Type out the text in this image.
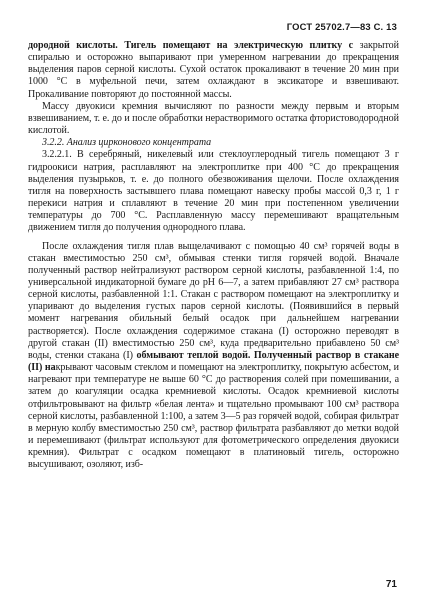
ГОСТ 25702.7—83 С. 13

дородной кислоты. Тигель помещают на электрическую плитку с закрытой спиралью и осторожно выпаривают при умеренном нагревании до прекращения выделения паров серной кислоты. Сухой остаток прокаливают в течение 20 мин при 1000 °С в муфельной печи, затем охлаждают в эксикаторе и взвешивают. Прокаливание повторяют до постоянной массы.

Массу двуокиси кремния вычисляют по разности между первым и вторым взвешиванием, т. е. до и после обработки нерастворимого остатка фтористоводородной кислотой.

3.2.2. Анализ цирконового концентрата

3.2.2.1. В серебряный, никелевый или стеклоуглеродный тигель помещают 3 г гидроокиси натрия, расплавляют на электроплитке при 400 °С до прекращения выделения пузырьков, т. е. до полного обезвоживания щелочи. После охлаждения тигля на поверхность застывшего плава помещают навеску пробы массой 0,3 г, 1 г перекиси натрия и сплавляют в течение 20 мин при постепенном увеличении температуры до 700 °С. Расплавленную массу перемешивают вращательным движением тигля до получения однородного плава.

После охлаждения тигля плав выщелачивают с помощью 40 см³ горячей воды в стакан вместимостью 250 см³, обмывая стенки тигля горячей водой. Вначале полученный раствор нейтрализуют раствором серной кислоты, разбавленной 1:4, по универсальной индикаторной бумаге до рН 6—7, а затем прибавляют 27 см³ раствора серной кислоты, разбавленной 1:1. Стакан с раствором помещают на электроплитку и упаривают до выделения густых паров серной кислоты. (Появившийся в первый момент нагревания обильный белый осадок при дальнейшем нагревании растворяется). После охлаждения содержимое стакана (I) осторожно переводят в другой стакан (II) вместимостью 250 см³, куда предварительно прибавлено 50 см³ воды, стенки стакана (I) обмывают теплой водой. Полученный раствор в стакане (II) накрывают часовым стеклом и помещают на электроплитку, покрытую асбестом, и нагревают при температуре не выше 60 °С до растворения солей при помешивании, а затем до коагуляции осадка кремниевой кислоты. Осадок кремниевой кислоты отфильтровывают на фильтр «белая лента» и тщательно промывают 100 см³ раствора серной кислоты, разбавленной 1:100, а затем 3—5 раз горячей водой, собирая фильтрат в мерную колбу вместимостью 250 см³, раствор фильтрата разбавляют до метки водой и перемешивают (фильтрат используют для фотометрического определения двуокиси кремния). Фильтрат с осадком помещают в платиновый тигель, осторожно высушивают, озоляют, изб-

71
